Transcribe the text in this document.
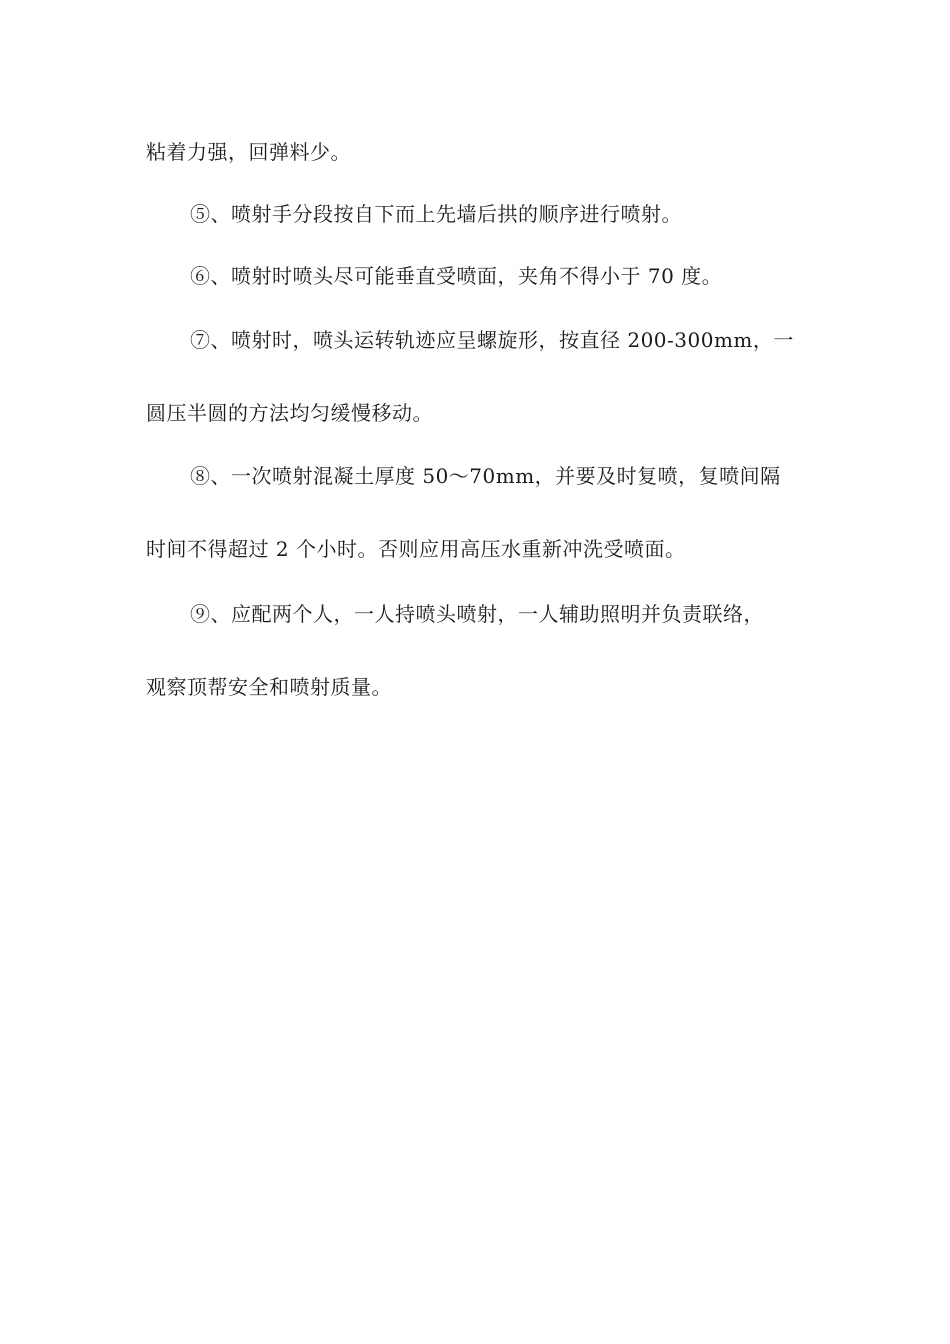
粘着力强，回弹料少。
⑤、喷射手分段按自下而上先墙后拱的顺序进行喷射。
⑥、喷射时喷头尽可能垂直受喷面，夹角不得小于 70 度。
⑦、喷射时，喷头运转轨迹应呈螺旋形，按直径 200-300mm，一
圆压半圆的方法均匀缓慢移动。
⑧、一次喷射混凝土厚度 50～70mm，并要及时复喷，复喷间隔
时间不得超过 2 个小时。否则应用高压水重新冲洗受喷面。
⑨、应配两个人，一人持喷头喷射，一人辅助照明并负责联络，
观察顶帮安全和喷射质量。
